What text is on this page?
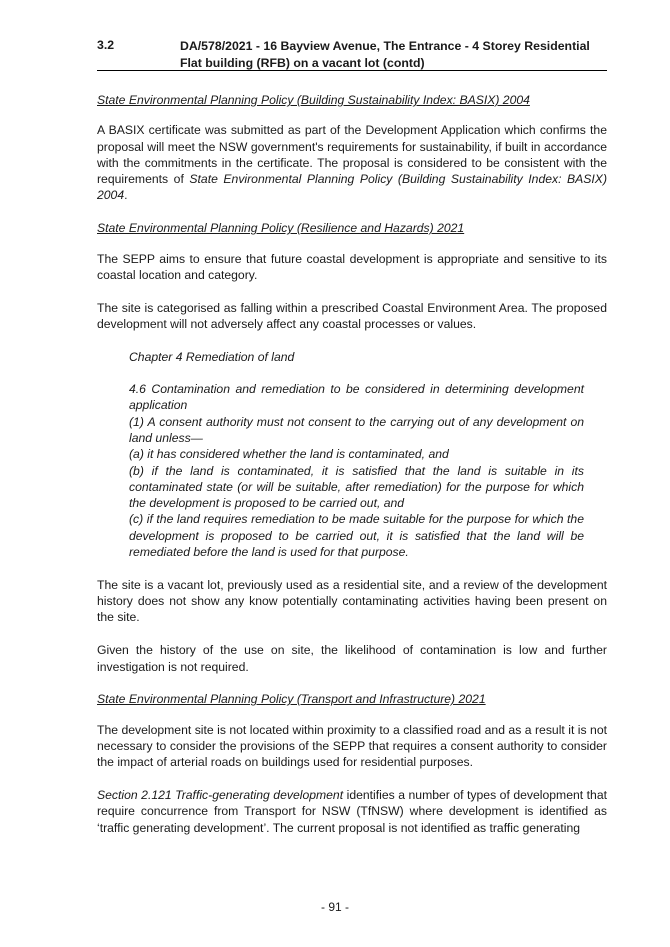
3.2	DA/578/2021 - 16 Bayview Avenue, The Entrance - 4 Storey Residential Flat building (RFB) on a vacant lot (contd)

State Environmental Planning Policy (Building Sustainability Index: BASIX) 2004

A BASIX certificate was submitted as part of the Development Application which confirms the proposal will meet the NSW government's requirements for sustainability, if built in accordance with the commitments in the certificate. The proposal is considered to be consistent with the requirements of State Environmental Planning Policy (Building Sustainability Index: BASIX) 2004.

State Environmental Planning Policy (Resilience and Hazards) 2021

The SEPP aims to ensure that future coastal development is appropriate and sensitive to its coastal location and category.

The site is categorised as falling within a prescribed Coastal Environment Area. The proposed development will not adversely affect any coastal processes or values.

Chapter 4 Remediation of land

4.6 Contamination and remediation to be considered in determining development application

(1) A consent authority must not consent to the carrying out of any development on land unless—

(a) it has considered whether the land is contaminated, and

(b) if the land is contaminated, it is satisfied that the land is suitable in its contaminated state (or will be suitable, after remediation) for the purpose for which the development is proposed to be carried out, and

(c) if the land requires remediation to be made suitable for the purpose for which the development is proposed to be carried out, it is satisfied that the land will be remediated before the land is used for that purpose.

The site is a vacant lot, previously used as a residential site, and a review of the development history does not show any know potentially contaminating activities having been present on the site.

Given the history of the use on site, the likelihood of contamination is low and further investigation is not required.

State Environmental Planning Policy (Transport and Infrastructure) 2021

The development site is not located within proximity to a classified road and as a result it is not necessary to consider the provisions of the SEPP that requires a consent authority to consider the impact of arterial roads on buildings used for residential purposes.

Section 2.121 Traffic-generating development identifies a number of types of development that require concurrence from Transport for NSW (TfNSW) where development is identified as ‘traffic generating development’. The current proposal is not identified as traffic generating

- 91 -
